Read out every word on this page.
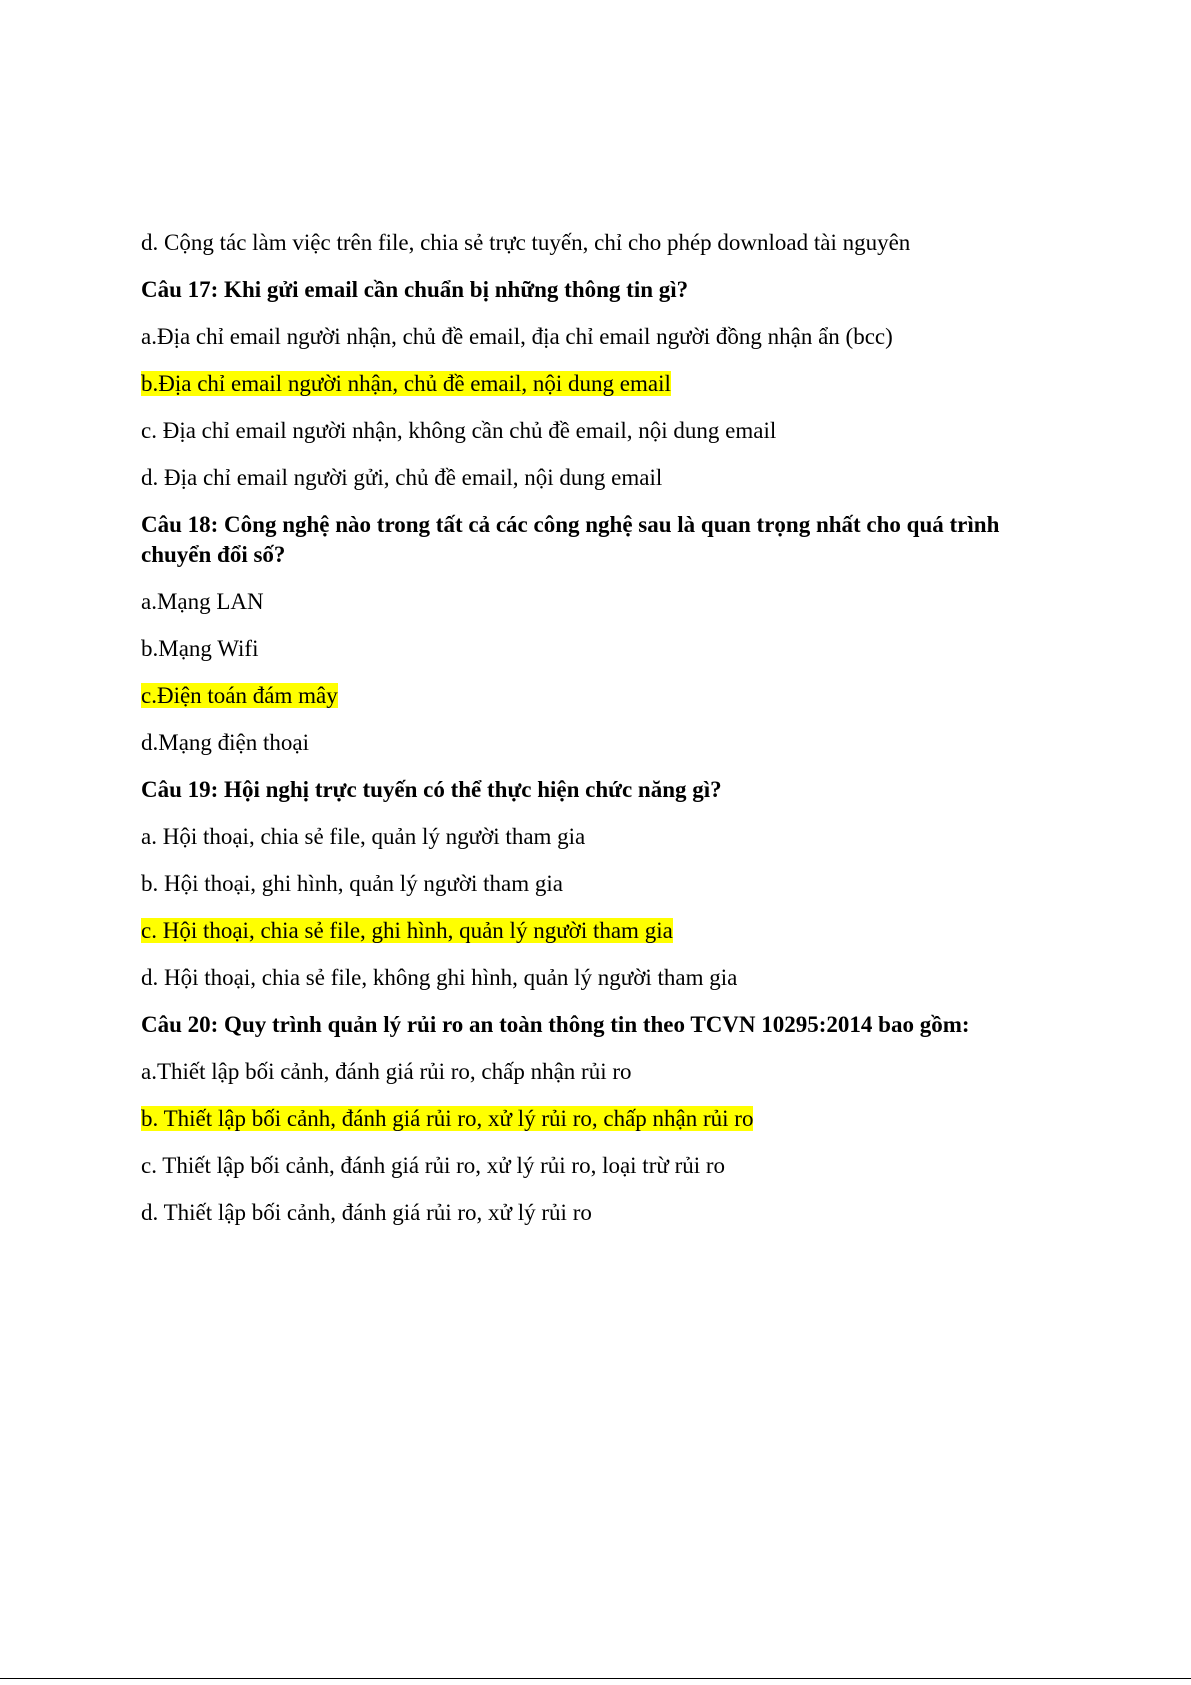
d. Cộng tác làm việc trên file, chia sẻ trực tuyến, chỉ cho phép download tài nguyên
Câu 17: Khi gửi email cần chuẩn bị những thông tin gì?
a.Địa chỉ email người nhận, chủ đề email, địa chỉ email người đồng nhận ẩn (bcc)
b.Địa chỉ email người nhận, chủ đề email, nội dung email
c. Địa chỉ email người nhận, không cần chủ đề email, nội dung email
d. Địa chỉ email người gửi, chủ đề email, nội dung email
Câu 18: Công nghệ nào trong tất cả các công nghệ sau là quan trọng nhất cho quá trình chuyển đổi số?
a.Mạng LAN
b.Mạng Wifi
c.Điện toán đám mây
d.Mạng điện thoại
Câu 19: Hội nghị trực tuyến có thể thực hiện chức năng gì?
a. Hội thoại, chia sẻ file, quản lý người tham gia
b. Hội thoại, ghi hình, quản lý người tham gia
c. Hội thoại, chia sẻ file, ghi hình, quản lý người tham gia
d. Hội thoại, chia sẻ file, không ghi hình, quản lý người tham gia
Câu 20: Quy trình quản lý rủi ro an toàn thông tin theo TCVN 10295:2014 bao gồm:
a.Thiết lập bối cảnh, đánh giá rủi ro, chấp nhận rủi ro
b. Thiết lập bối cảnh, đánh giá rủi ro, xử lý rủi ro, chấp nhận rủi ro
c. Thiết lập bối cảnh, đánh giá rủi ro, xử lý rủi ro, loại trừ rủi ro
d. Thiết lập bối cảnh, đánh giá rủi ro, xử lý rủi ro
